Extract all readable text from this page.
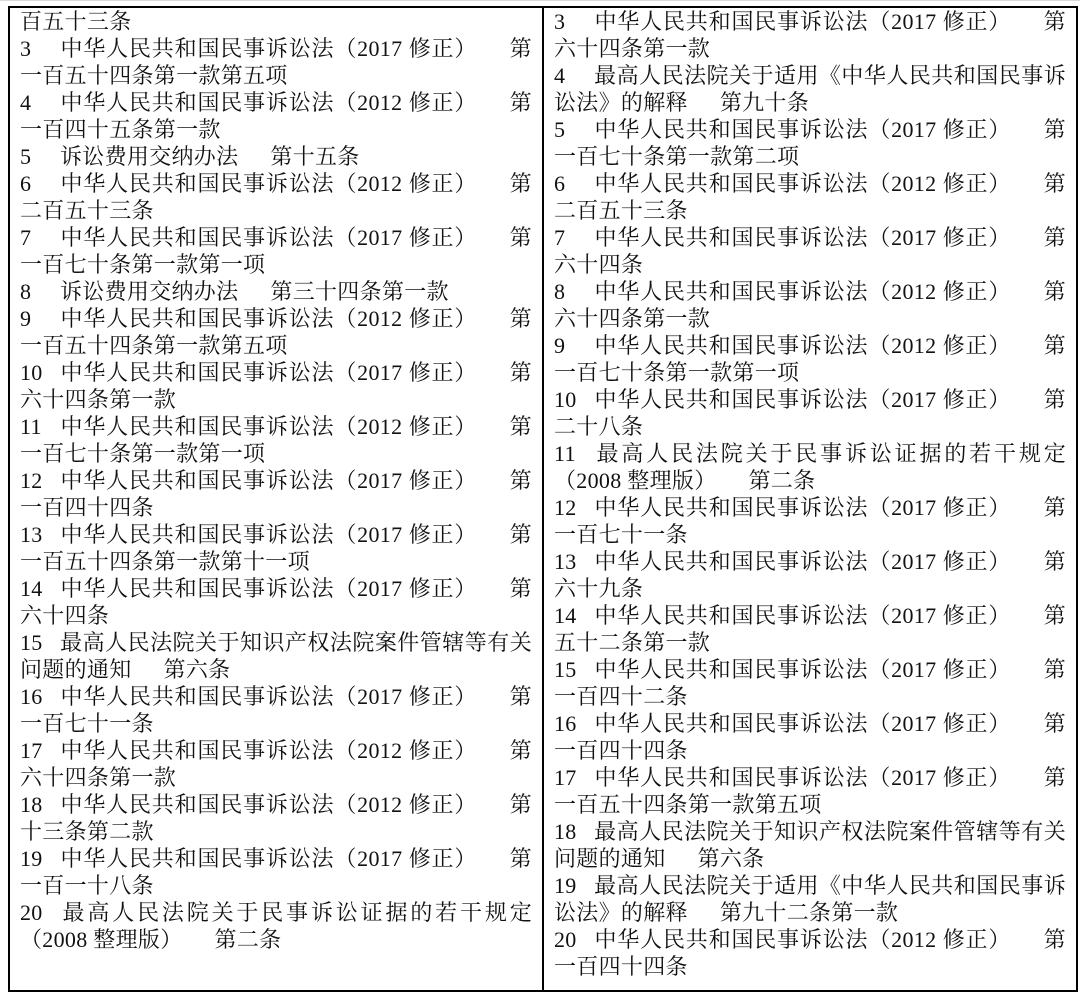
百五十三条
3 中华人民共和国民事诉讼法（2017 修正） 第一百五十四条第一款第五项
4 中华人民共和国民事诉讼法（2012 修正） 第一百四十五条第一款
5 诉讼费用交纳办法 第十五条
6 中华人民共和国民事诉讼法（2012 修正） 第二百五十三条
7 中华人民共和国民事诉讼法（2017 修正） 第一百七十条第一款第一项
8 诉讼费用交纳办法 第三十四条第一款
9 中华人民共和国民事诉讼法（2012 修正） 第一百五十四条第一款第五项
10 中华人民共和国民事诉讼法（2017 修正） 第六十四条第一款
11 中华人民共和国民事诉讼法（2012 修正） 第一百七十条第一款第一项
12 中华人民共和国民事诉讼法（2017 修正） 第一百四十四条
13 中华人民共和国民事诉讼法（2017 修正） 第一百五十四条第一款第十一项
14 中华人民共和国民事诉讼法（2017 修正） 第六十四条
15 最高人民法院关于知识产权法院案件管辖等有关问题的通知 第六条
16 中华人民共和国民事诉讼法（2017 修正） 第一百七十一条
17 中华人民共和国民事诉讼法（2012 修正） 第六十四条第一款
18 中华人民共和国民事诉讼法（2012 修正） 第十三条第二款
19 中华人民共和国民事诉讼法（2017 修正） 第一百一十八条
20 最高人民法院关于民事诉讼证据的若干规定（2008 整理版） 第二条

3 中华人民共和国民事诉讼法（2017 修正） 第六十四条第一款
4 最高人民法院关于适用《中华人民共和国民事诉讼法》的解释 第九十条
5 中华人民共和国民事诉讼法（2017 修正） 第一百七十条第一款第二项
6 中华人民共和国民事诉讼法（2012 修正） 第二百五十三条
7 中华人民共和国民事诉讼法（2017 修正） 第六十四条
8 中华人民共和国民事诉讼法（2012 修正） 第六十四条第一款
9 中华人民共和国民事诉讼法（2012 修正） 第一百七十条第一款第一项
10 中华人民共和国民事诉讼法（2017 修正） 第二十八条
11 最高人民法院关于民事诉讼证据的若干规定（2008 整理版） 第二条
12 中华人民共和国民事诉讼法（2017 修正） 第一百七十一条
13 中华人民共和国民事诉讼法（2017 修正） 第六十九条
14 中华人民共和国民事诉讼法（2017 修正） 第五十二条第一款
15 中华人民共和国民事诉讼法（2017 修正） 第一百四十二条
16 中华人民共和国民事诉讼法（2017 修正） 第一百四十四条
17 中华人民共和国民事诉讼法（2017 修正） 第一百五十四条第一款第五项
18 最高人民法院关于知识产权法院案件管辖等有关问题的通知 第六条
19 最高人民法院关于适用《中华人民共和国民事诉讼法》的解释 第九十二条第一款
20 中华人民共和国民事诉讼法（2012 修正） 第一百四十四条
